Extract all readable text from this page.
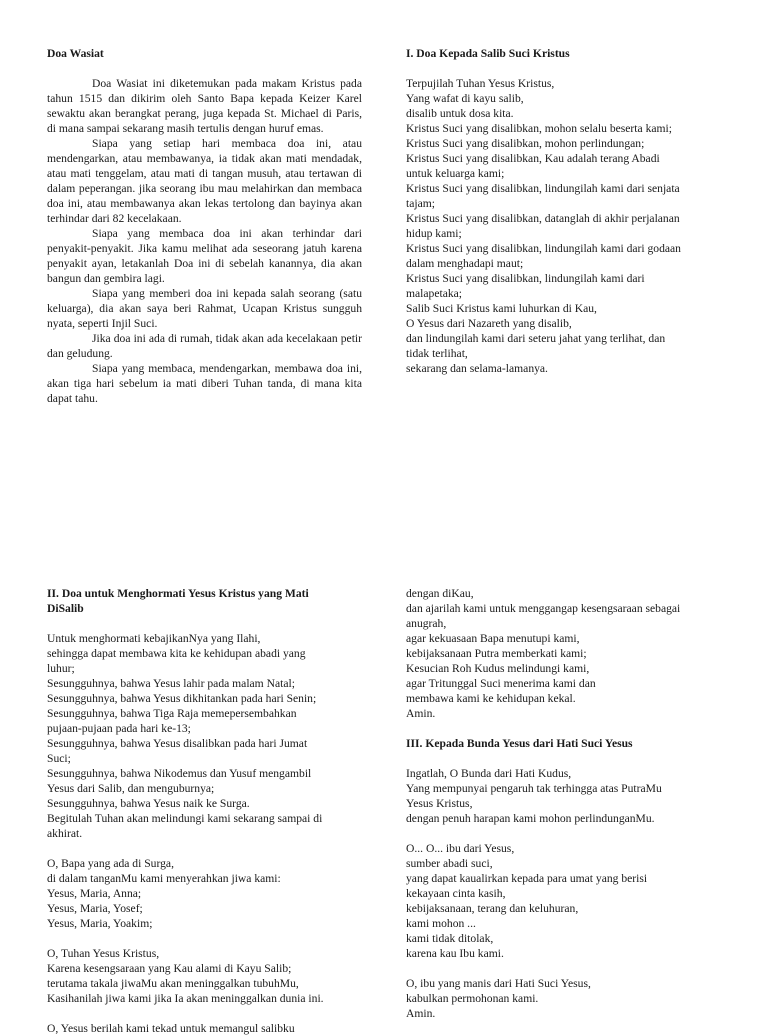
Doa Wasiat

Doa Wasiat ini diketemukan pada makam Kristus pada tahun 1515 dan dikirim oleh Santo Bapa kepada Keizer Karel sewaktu akan berangkat perang, juga kepada St. Michael di Paris, di mana sampai sekarang masih tertulis dengan huruf emas.

Siapa yang setiap hari membaca doa ini, atau mendengarkan, atau membawanya, ia tidak akan mati mendadak, atau mati tenggelam, atau mati di tangan musuh, atau tertawan di dalam peperangan. jika seorang ibu mau melahirkan dan membaca doa ini, atau membawanya akan lekas tertolong dan bayinya akan terhindar dari 82 kecelakaan.

Siapa yang membaca doa ini akan terhindar dari penyakit-penyakit. Jika kamu melihat ada seseorang jatuh karena penyakit ayan, letakanlah Doa ini di sebelah kanannya, dia akan bangun dan gembira lagi.

Siapa yang memberi doa ini kepada salah seorang (satu keluarga), dia akan saya beri Rahmat, Ucapan Kristus sungguh nyata, seperti Injil Suci.

Jika doa ini ada di rumah, tidak akan ada kecelakaan petir dan geludung.

Siapa yang membaca, mendengarkan, membawa doa ini, akan tiga hari sebelum ia mati diberi Tuhan tanda, di mana kita dapat tahu.

I. Doa Kepada Salib Suci Kristus
Terpujilah Tuhan Yesus Kristus,
Yang wafat di kayu salib,
disalib untuk dosa kita.
Kristus Suci yang disalibkan, mohon selalu beserta kami;
Kristus Suci yang disalibkan, mohon perlindungan;
Kristus Suci yang disalibkan, Kau adalah terang Abadi
untuk keluarga kami;
Kristus Suci yang disalibkan, lindungilah kami dari senjata
tajam;
Kristus Suci yang disalibkan, datanglah di akhir perjalanan
hidup kami;
Kristus Suci yang disalibkan, lindungilah kami dari godaan
dalam menghadapi maut;
Kristus Suci yang disalibkan, lindungilah kami dari
malapetaka;
Salib Suci Kristus kami luhurkan di Kau,
O Yesus dari Nazareth yang disalib,
dan lindungilah kami dari seteru jahat yang terlihat, dan
tidak terlihat,
sekarang dan selama-lamanya.
II. Doa untuk Menghormati Yesus Kristus yang Mati
DiSalib
Untuk menghormati kebajikanNya yang Ilahi,
sehingga dapat membawa kita ke kehidupan abadi yang
luhur;
Sesungguhnya, bahwa Yesus lahir pada malam Natal;
Sesungguhnya, bahwa Yesus dikhitankan pada hari Senin;
Sesungguhnya, bahwa Tiga Raja memepersembahkan
pujaan-pujaan pada hari ke-13;
Sesungguhnya, bahwa Yesus disalibkan pada hari Jumat
Suci;
Sesungguhnya, bahwa Nikodemus dan Yusuf mengambil
Yesus dari Salib, dan menguburnya;
Sesungguhnya, bahwa Yesus naik ke Surga.
Begitulah Tuhan akan melindungi kami sekarang sampai di
akhirat.
O, Bapa yang ada di Surga,
di dalam tanganMu kami menyerahkan jiwa kami:
Yesus, Maria, Anna;
Yesus, Maria, Yosef;
Yesus, Maria, Yoakim;
O, Tuhan Yesus Kristus,
Karena kesengsaraan yang Kau alami di Kayu Salib;
terutama takala jiwaMu akan meninggalkan tubuhMu,
Kasihanilah jiwa kami jika Ia akan meninggalkan dunia ini.
O, Yesus berilah kami tekad untuk memangul salibku
dengan diKau,
dan ajarilah kami untuk menggangap kesengsaraan sebagai
anugrah,
agar kekuasaan Bapa menutupi kami,
kebijaksanaan Putra memberkati kami;
Kesucian Roh Kudus melindungi kami,
agar Tritunggal Suci menerima kami dan
membawa kami ke kehidupan kekal.
Amin.
III. Kepada Bunda Yesus dari Hati Suci Yesus
Ingatlah, O Bunda dari Hati Kudus,
Yang mempunyai pengaruh tak terhingga atas PutraMu
Yesus Kristus,
dengan penuh harapan kami mohon perlindunganMu.
O... O... ibu dari Yesus,
sumber abadi suci,
yang dapat kaualirkan kepada para umat yang berisi
kekayaan cinta kasih,
kebijaksanaan, terang dan keluhuran,
kami mohon ...
kami tidak ditolak,
karena kau Ibu kami.
O, ibu yang manis dari Hati Suci Yesus,
kabulkan permohonan kami.
Amin.
